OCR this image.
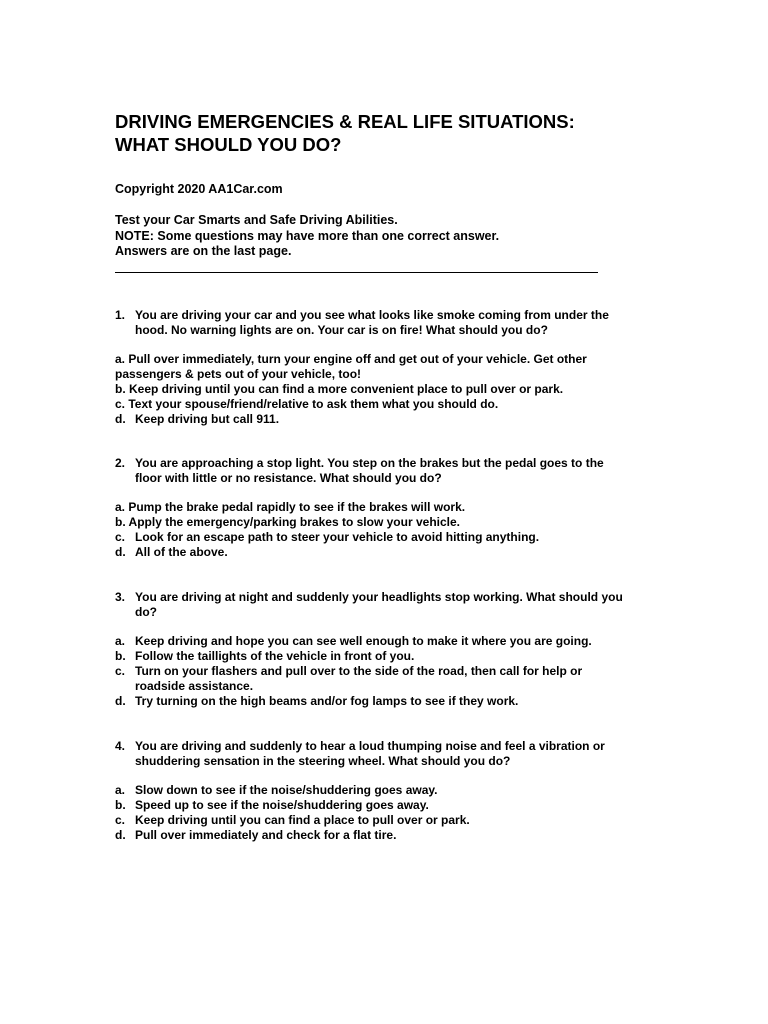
DRIVING EMERGENCIES & REAL LIFE SITUATIONS:
WHAT SHOULD YOU DO?
Copyright 2020 AA1Car.com
Test your Car Smarts and Safe Driving Abilities.
NOTE: Some questions may have more than one correct answer.
Answers are on the last page.
1. You are driving your car and you see what looks like smoke coming from under the
hood. No warning lights are on. Your car is on fire! What should you do?
a. Pull over immediately, turn your engine off and get out of your vehicle. Get other
passengers & pets out of your vehicle, too!
b. Keep driving until you can find a more convenient place to pull over or park.
c. Text your spouse/friend/relative to ask them what you should do.
d. Keep driving but call 911.
2. You are approaching a stop light. You step on the brakes but the pedal goes to the
floor with little or no resistance. What should you do?
a. Pump the brake pedal rapidly to see if the brakes will work.
b. Apply the emergency/parking brakes to slow your vehicle.
c. Look for an escape path to steer your vehicle to avoid hitting anything.
d. All of the above.
3. You are driving at night and suddenly your headlights stop working. What should you
do?
a. Keep driving and hope you can see well enough to make it where you are going.
b. Follow the taillights of the vehicle in front of you.
c. Turn on your flashers and pull over to the side of the road, then call for help or
roadside assistance.
d. Try turning on the high beams and/or fog lamps to see if they work.
4. You are driving and suddenly to hear a loud thumping noise and feel a vibration or
shuddering sensation in the steering wheel. What should you do?
a. Slow down to see if the noise/shuddering goes away.
b. Speed up to see if the noise/shuddering goes away.
c. Keep driving until you can find a place to pull over or park.
d. Pull over immediately and check for a flat tire.
